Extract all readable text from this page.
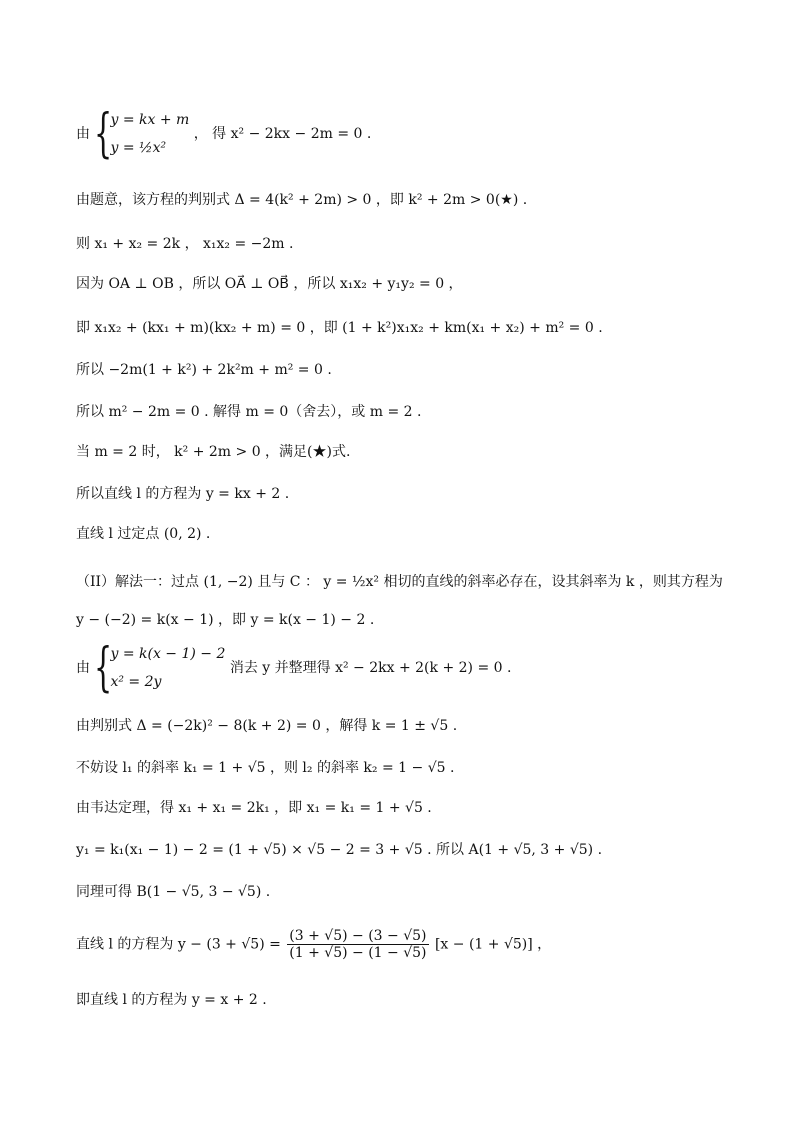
由 {
y = kx + m
y = ½x²
， 得 x² − 2kx − 2m = 0 .
由题意，该方程的判别式 Δ = 4(k² + 2m) > 0 ，即 k² + 2m > 0(★) .
则 x₁ + x₂ = 2k ， x₁x₂ = −2m .
因为 OA ⊥ OB ，所以 OA⃗ ⊥ OB⃗ ，所以 x₁x₂ + y₁y₂ = 0 ，
即 x₁x₂ + (kx₁ + m)(kx₂ + m) = 0 ，即 (1 + k²)x₁x₂ + km(x₁ + x₂) + m² = 0 .
所以 −2m(1 + k²) + 2k²m + m² = 0 .
所以 m² − 2m = 0 . 解得 m = 0（舍去），或 m = 2 .
当 m = 2 时， k² + 2m > 0 ，满足(★)式.
所以直线 l 的方程为 y = kx + 2 .
直线 l 过定点 (0, 2) .
（II）解法一：过点 (1, −2) 且与 C ： y = ½x² 相切的直线的斜率必存在，设其斜率为 k ，则其方程为
y − (−2) = k(x − 1) ，即 y = k(x − 1) − 2 .
由 {
y = k(x − 1) − 2
x² = 2y
消去 y 并整理得 x² − 2kx + 2(k + 2) = 0 .
由判别式 Δ = (−2k)² − 8(k + 2) = 0 ，解得 k = 1 ± √5 .
不妨设 l₁ 的斜率 k₁ = 1 + √5 ，则 l₂ 的斜率 k₂ = 1 − √5 .
由韦达定理，得 x₁ + x₁ = 2k₁ ，即 x₁ = k₁ = 1 + √5 .
y₁ = k₁(x₁ − 1) − 2 = (1 + √5) × √5 − 2 = 3 + √5 . 所以 A(1 + √5, 3 + √5) .
同理可得 B(1 − √5, 3 − √5) .
直线 l 的方程为 $y - (3 + √5) = \frac{(3 + √5) - (3 - √5)}{(1 + √5) - (1 - √5)} [x - (1 + √5)]$ ，
即直线 l 的方程为 y = x + 2 .
